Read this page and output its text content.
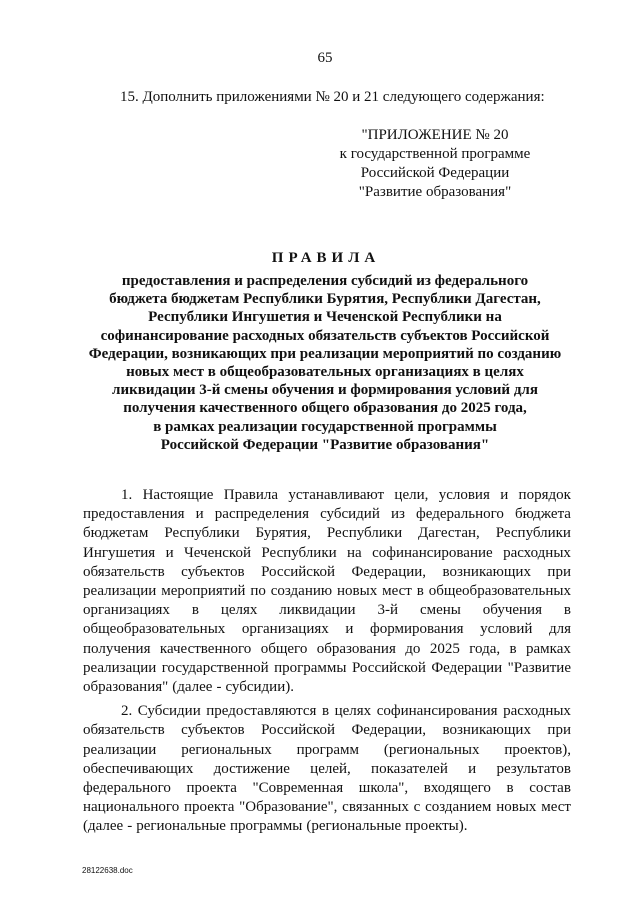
65
15. Дополнить приложениями № 20 и 21 следующего содержания:
"ПРИЛОЖЕНИЕ № 20
к государственной программе
Российской Федерации
"Развитие образования"
ПРАВИЛА
предоставления и распределения субсидий из федерального
бюджета бюджетам Республики Бурятия, Республики Дагестан,
Республики Ингушетия и Чеченской Республики на
софинансирование расходных обязательств субъектов Российской
Федерации, возникающих при реализации мероприятий по созданию
новых мест в общеобразовательных организациях в целях
ликвидации 3-й смены обучения и формирования условий для
получения качественного общего образования до 2025 года,
в рамках реализации государственной программы
Российской Федерации "Развитие образования"
1. Настоящие Правила устанавливают цели, условия и порядок
предоставления и распределения субсидий из федерального бюджета
бюджетам Республики Бурятия, Республики Дагестан, Республики
Ингушетия и Чеченской Республики на софинансирование расходных
обязательств субъектов Российской Федерации, возникающих при
реализации мероприятий по созданию новых мест в общеобразовательных
организациях в целях ликвидации 3-й смены обучения в
общеобразовательных организациях и формирования условий для
получения качественного общего образования до 2025 года, в рамках
реализации государственной программы Российской Федерации "Развитие
образования" (далее - субсидии).
2. Субсидии предоставляются в целях софинансирования расходных
обязательств субъектов Российской Федерации, возникающих при
реализации региональных программ (региональных проектов),
обеспечивающих достижение целей, показателей и результатов
федерального проекта "Современная школа", входящего в состав
национального проекта "Образование", связанных с созданием новых мест
(далее - региональные программы (региональные проекты).
28122638.doc
